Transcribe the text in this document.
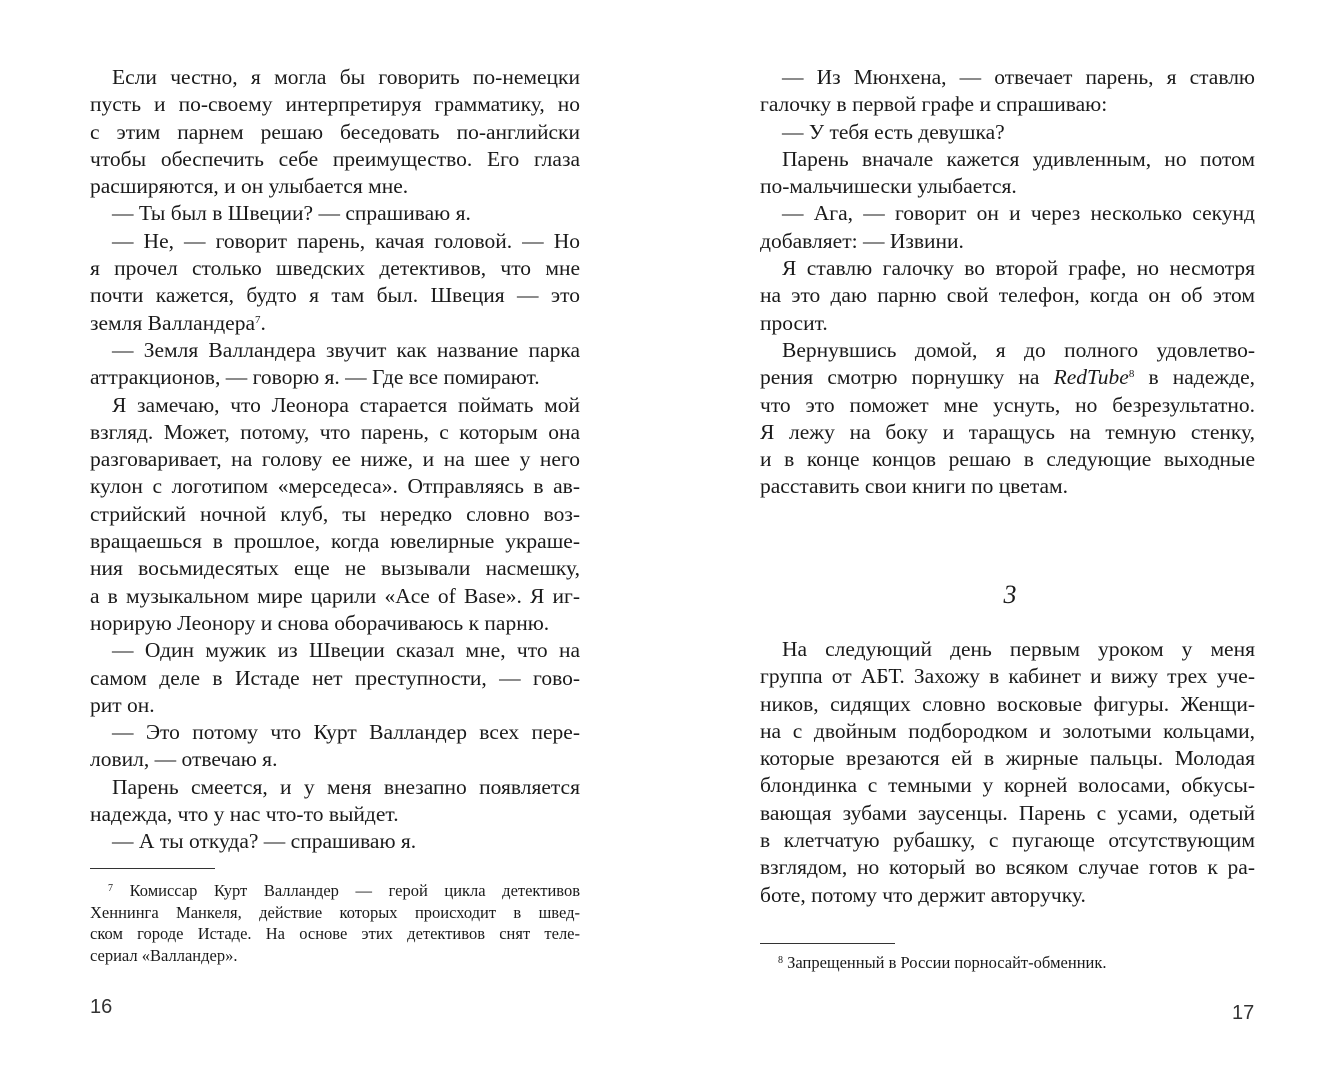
Если честно, я могла бы говорить по-немецки
пусть и по-своему интерпретируя грамматику, но
с этим парнем решаю беседовать по-английски
чтобы обеспечить себе преимущество. Его глаза
расширяются, и он улыбается мне.
— Ты был в Швеции? — спрашиваю я.
— Не, — говорит парень, качая головой. — Но
я прочел столько шведских детективов, что мне
почти кажется, будто я там был. Швеция — это
земля Валландера$^7$.
— Земля Валландера звучит как название парка
аттракционов, — говорю я. — Где все помирают.
Я замечаю, что Леонора старается поймать мой
взгляд. Может, потому, что парень, с которым она
разговаривает, на голову ее ниже, и на шее у него
кулон с логотипом «мерседеса». Отправляясь в ав-
стрийский ночной клуб, ты нередко словно воз-
вращаешься в прошлое, когда ювелирные украше-
ния восьмидесятых еще не вызывали насмешку,
а в музыкальном мире царили «Ace of Base». Я иг-
норирую Леонору и снова оборачиваюсь к парню.
— Один мужик из Швеции сказал мне, что на
самом деле в Истаде нет преступности, — гово-
рит он.
— Это потому что Курт Валландер всех пере-
ловил, — отвечаю я.
Парень смеется, и у меня внезапно появляется
надежда, что у нас что-то выйдет.
— А ты откуда? — спрашиваю я.
$^7$ Комиссар Курт Валландер — герой цикла детективов
Хеннинга Манкеля, действие которых происходит в швед-
ском городе Истаде. На основе этих детективов снят теле-
сериал «Валландер».
16
— Из Мюнхена, — отвечает парень, я ставлю
галочку в первой графе и спрашиваю:
— У тебя есть девушка?
Парень вначале кажется удивленным, но потом
по-мальчишески улыбается.
— Ага, — говорит он и через несколько секунд
добавляет: — Извини.
Я ставлю галочку во второй графе, но несмотря
на это даю парню свой телефон, когда он об этом
просит.
Вернувшись домой, я до полного удовлетво-
рения смотрю порнушку на RedTube$^8$ в надежде,
что это поможет мне уснуть, но безрезультатно.
Я лежу на боку и таращусь на темную стенку,
и в конце концов решаю в следующие выходные
расставить свои книги по цветам.
3
На следующий день первым уроком у меня
группа от АБТ. Захожу в кабинет и вижу трех уче-
ников, сидящих словно восковые фигуры. Женщи-
на с двойным подбородком и золотыми кольцами,
которые врезаются ей в жирные пальцы. Молодая
блондинка с темными у корней волосами, обкусы-
вающая зубами заусенцы. Парень с усами, одетый
в клетчатую рубашку, с пугающе отсутствующим
взглядом, но который во всяком случае готов к ра-
боте, потому что держит авторучку.
$^8$ Запрещенный в России порносайт-обменник.
17
